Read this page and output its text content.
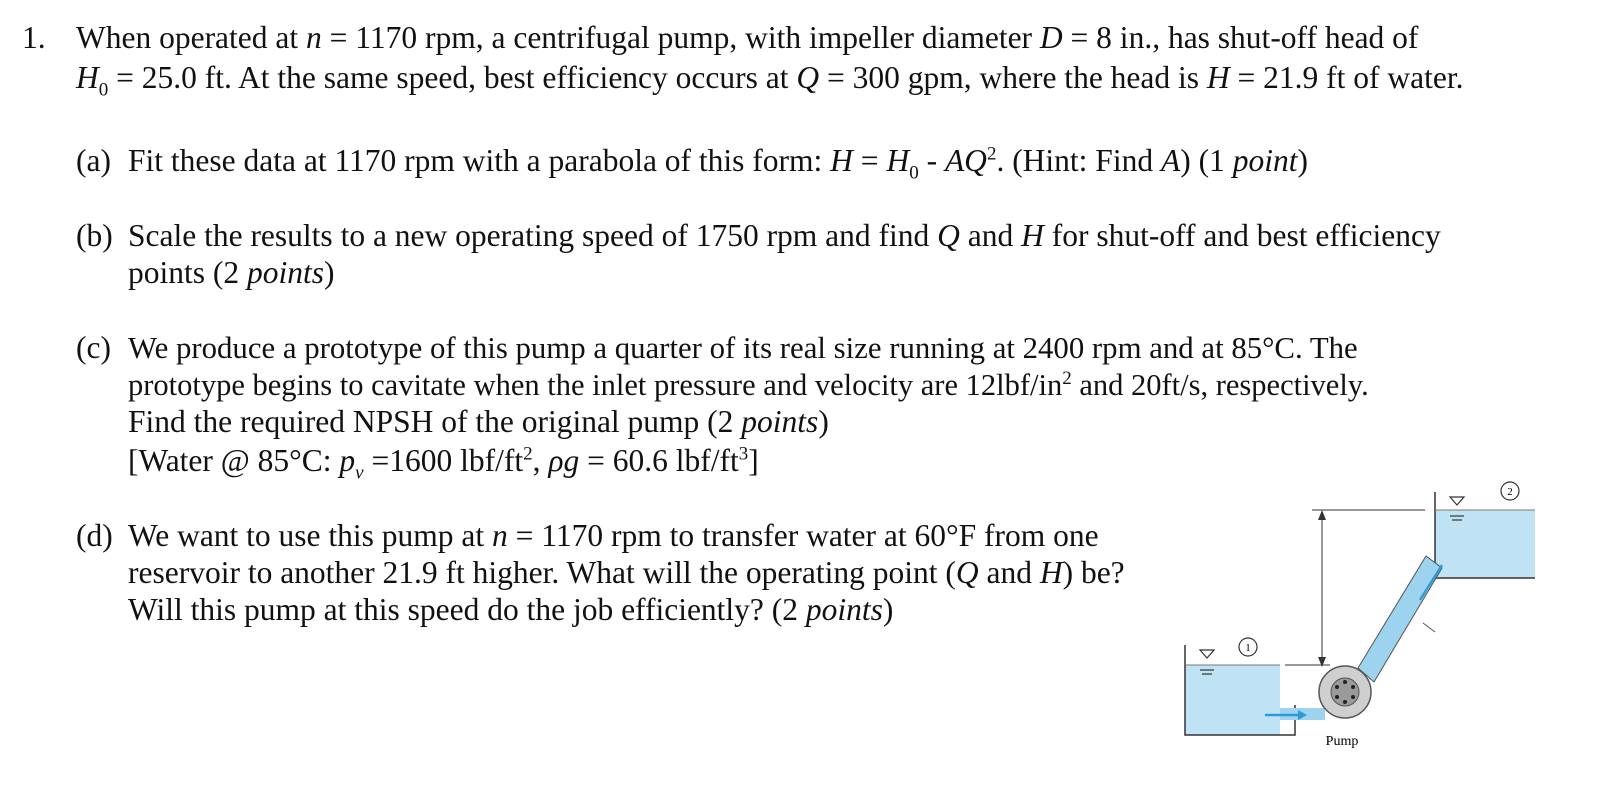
1. When operated at n = 1170 rpm, a centrifugal pump, with impeller diameter D = 8 in., has shut-off head of
$H_0 = 25.0$ ft. At the same speed, best efficiency occurs at Q = 300 gpm, where the head is H = 21.9 ft of water.
(a) Fit these data at 1170 rpm with a parabola of this form: $H = H_0 - AQ^2$. (Hint: Find A) (1 point)
(b) Scale the results to a new operating speed of 1750 rpm and find Q and H for shut-off and best efficiency
points (2 points)
(c) We produce a prototype of this pump a quarter of its real size running at 2400 rpm and at 85°C. The
prototype begins to cavitate when the inlet pressure and velocity are $12lbf/in^2$ and 20ft/s, respectively.
Find the required NPSH of the original pump (2 points)
[Water @ 85°C: $p_v =1600$ lbf/$ft^2$, ρg = 60.6 lbf/$ft^3$]
(d) We want to use this pump at n = 1170 rpm to transfer water at 60°F from one
reservoir to another 21.9 ft higher. What will the operating point (Q and H) be?
Will this pump at this speed do the job efficiently? (2 points)
2
1
Pump
